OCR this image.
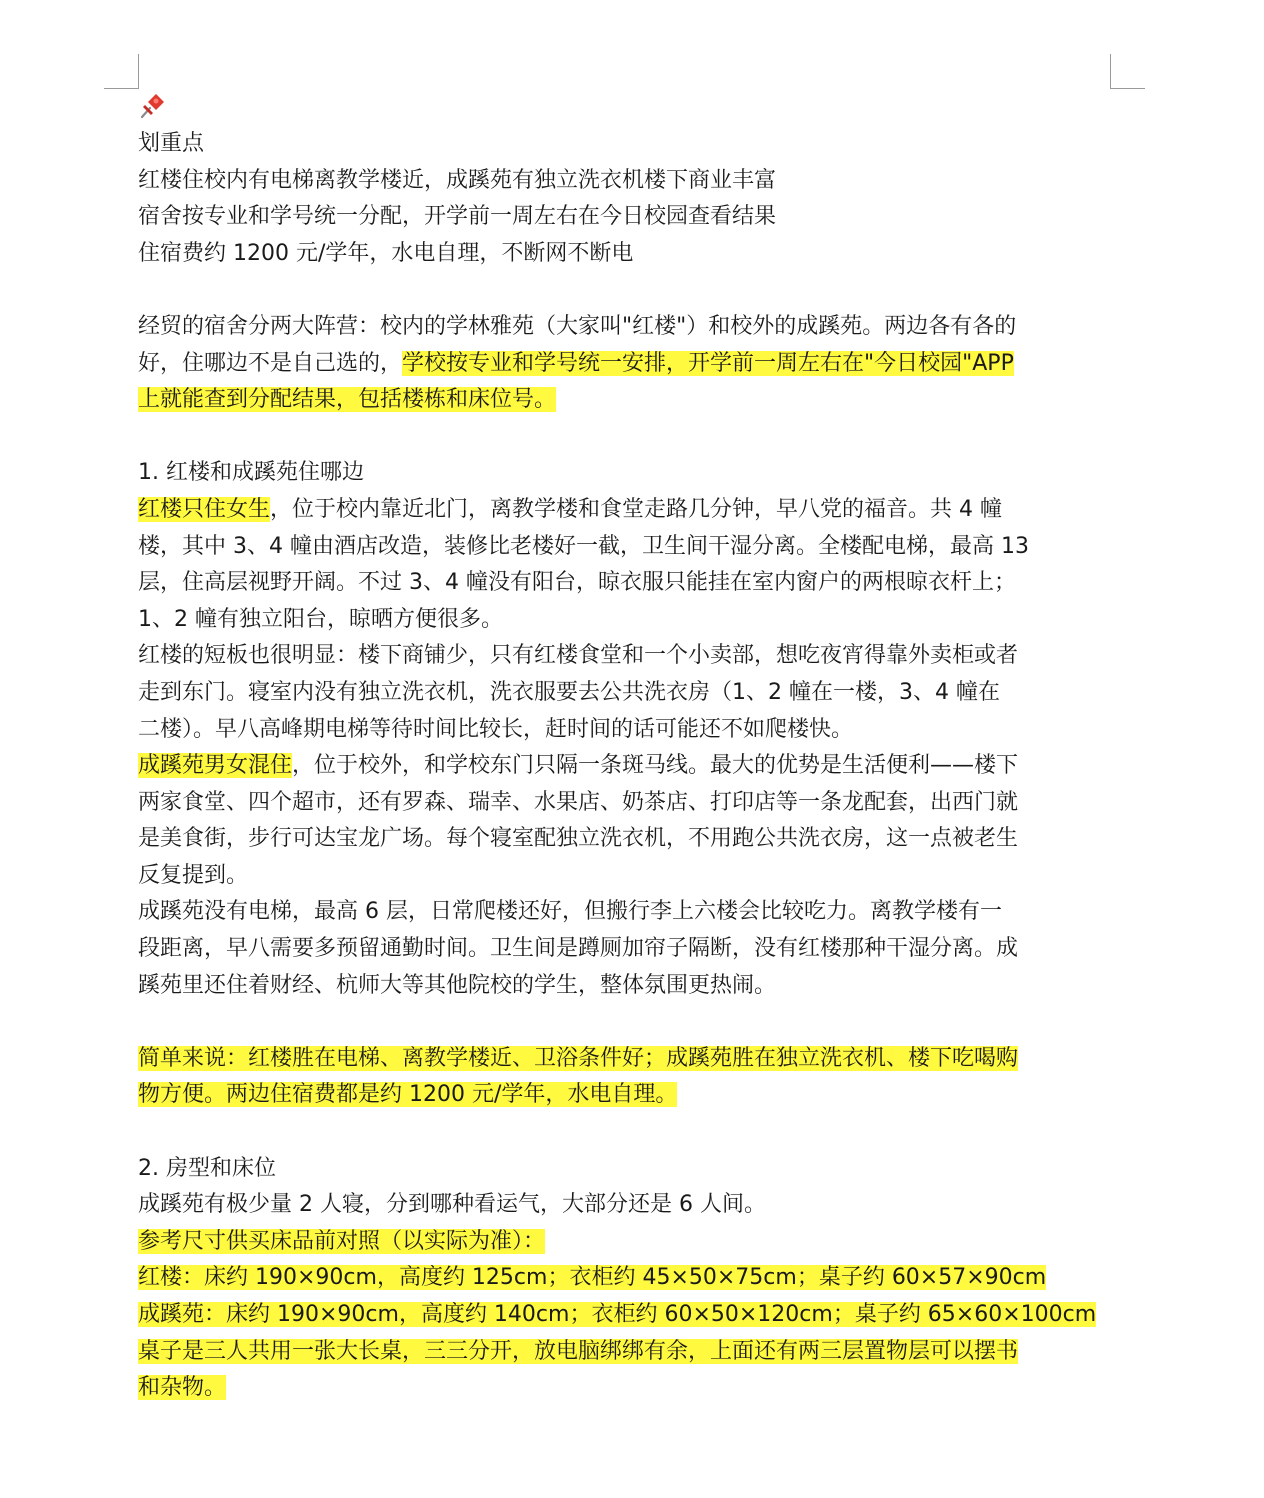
划重点
红楼住校内有电梯离教学楼近，成蹊苑有独立洗衣机楼下商业丰富
宿舍按专业和学号统一分配，开学前一周左右在今日校园查看结果
住宿费约 1200 元/学年，水电自理，不断网不断电
经贸的宿舍分两大阵营：校内的学林雅苑（大家叫"红楼"）和校外的成蹊苑。两边各有各的
好，住哪边不是自己选的，学校按专业和学号统一安排，开学前一周左右在"今日校园"APP
上就能查到分配结果，包括楼栋和床位号。
1. 红楼和成蹊苑住哪边
红楼只住女生，位于校内靠近北门，离教学楼和食堂走路几分钟，早八党的福音。共 4 幢
楼，其中 3、4 幢由酒店改造，装修比老楼好一截，卫生间干湿分离。全楼配电梯，最高 13
层，住高层视野开阔。不过 3、4 幢没有阳台，晾衣服只能挂在室内窗户的两根晾衣杆上；
1、2 幢有独立阳台，晾晒方便很多。
红楼的短板也很明显：楼下商铺少，只有红楼食堂和一个小卖部，想吃夜宵得靠外卖柜或者
走到东门。寝室内没有独立洗衣机，洗衣服要去公共洗衣房（1、2 幢在一楼，3、4 幢在
二楼）。早八高峰期电梯等待时间比较长，赶时间的话可能还不如爬楼快。
成蹊苑男女混住，位于校外，和学校东门只隔一条斑马线。最大的优势是生活便利——楼下
两家食堂、四个超市，还有罗森、瑞幸、水果店、奶茶店、打印店等一条龙配套，出西门就
是美食街，步行可达宝龙广场。每个寝室配独立洗衣机，不用跑公共洗衣房，这一点被老生
反复提到。
成蹊苑没有电梯，最高 6 层，日常爬楼还好，但搬行李上六楼会比较吃力。离教学楼有一
段距离，早八需要多预留通勤时间。卫生间是蹲厕加帘子隔断，没有红楼那种干湿分离。成
蹊苑里还住着财经、杭师大等其他院校的学生，整体氛围更热闹。
简单来说：红楼胜在电梯、离教学楼近、卫浴条件好；成蹊苑胜在独立洗衣机、楼下吃喝购
物方便。两边住宿费都是约 1200 元/学年，水电自理。
2. 房型和床位
成蹊苑有极少量 2 人寝，分到哪种看运气，大部分还是 6 人间。
参考尺寸供买床品前对照（以实际为准）：
红楼：床约 190×90cm，高度约 125cm；衣柜约 45×50×75cm；桌子约 60×57×90cm
成蹊苑：床约 190×90cm，高度约 140cm；衣柜约 60×50×120cm；桌子约 65×60×100cm
桌子是三人共用一张大长桌，三三分开，放电脑绑绑有余，上面还有两三层置物层可以摆书
和杂物。
